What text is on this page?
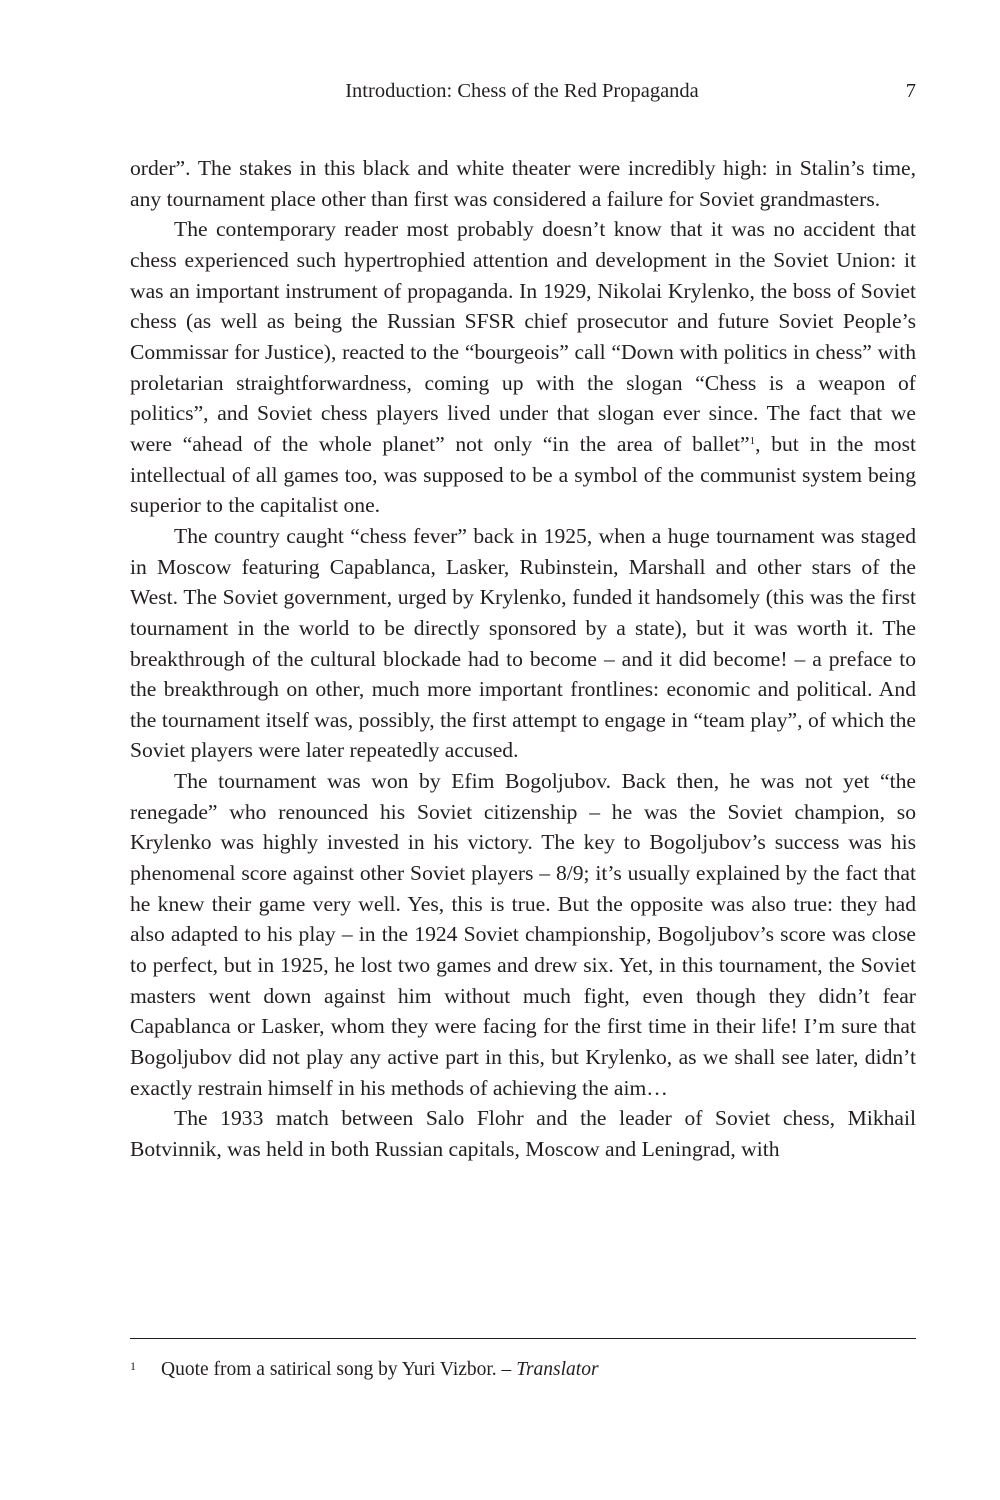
Introduction: Chess of the Red Propaganda	7

order”. The stakes in this black and white theater were incredibly high: in Stalin’s time, any tournament place other than first was considered a failure for Soviet grandmasters.

The contemporary reader most probably doesn’t know that it was no accident that chess experienced such hypertrophied attention and development in the Soviet Union: it was an important instrument of propaganda. In 1929, Nikolai Krylenko, the boss of Soviet chess (as well as being the Russian SFSR chief prosecutor and future Soviet People’s Commissar for Justice), reacted to the “bourgeois” call “Down with politics in chess” with proletarian straightforwardness, coming up with the slogan “Chess is a weapon of politics”, and Soviet chess players lived under that slogan ever since. The fact that we were “ahead of the whole planet” not only “in the area of ballet”$^1$, but in the most intellectual of all games too, was supposed to be a symbol of the communist system being superior to the capitalist one.

The country caught “chess fever” back in 1925, when a huge tournament was staged in Moscow featuring Capablanca, Lasker, Rubinstein, Marshall and other stars of the West. The Soviet government, urged by Krylenko, funded it handsomely (this was the first tournament in the world to be directly sponsored by a state), but it was worth it. The breakthrough of the cultural blockade had to become – and it did become! – a preface to the breakthrough on other, much more important frontlines: economic and political. And the tournament itself was, possibly, the first attempt to engage in “team play”, of which the Soviet players were later repeatedly accused.

The tournament was won by Efim Bogoljubov. Back then, he was not yet “the renegade” who renounced his Soviet citizenship – he was the Soviet champion, so Krylenko was highly invested in his victory. The key to Bogoljubov’s success was his phenomenal score against other Soviet players – 8/9; it’s usually explained by the fact that he knew their game very well. Yes, this is true. But the opposite was also true: they had also adapted to his play – in the 1924 Soviet championship, Bogoljubov’s score was close to perfect, but in 1925, he lost two games and drew six. Yet, in this tournament, the Soviet masters went down against him without much fight, even though they didn’t fear Capablanca or Lasker, whom they were facing for the first time in their life! I’m sure that Bogoljubov did not play any active part in this, but Krylenko, as we shall see later, didn’t exactly restrain himself in his methods of achieving the aim…

The 1933 match between Salo Flohr and the leader of Soviet chess, Mikhail Botvinnik, was held in both Russian capitals, Moscow and Leningrad, with

1 Quote from a satirical song by Yuri Vizbor. – Translator
